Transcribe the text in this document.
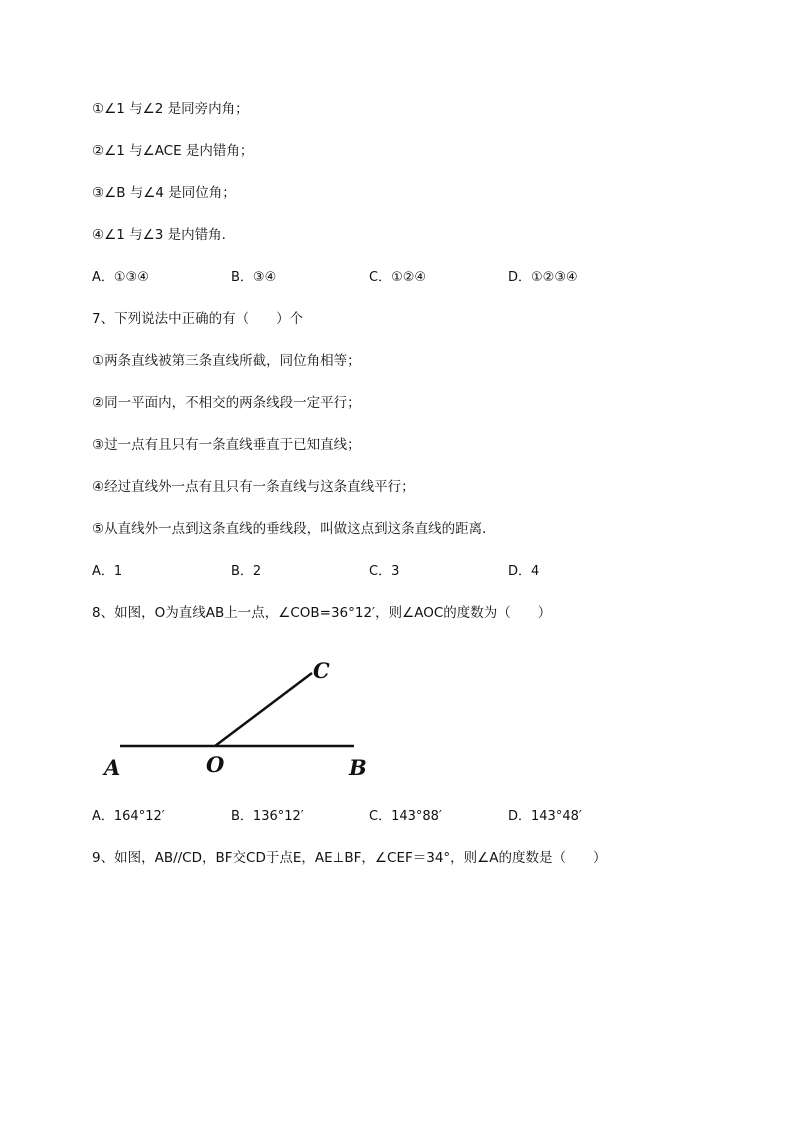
①∠1 与∠2 是同旁内角；
②∠1 与∠ACE 是内错角；
③∠B 与∠4 是同位角；
④∠1 与∠3 是内错角．
A．①③④	B．③④	C．①②④	D．①②③④
7、下列说法中正确的有（　　）个
①两条直线被第三条直线所截，同位角相等；
②同一平面内，不相交的两条线段一定平行；
③过一点有且只有一条直线垂直于已知直线；
④经过直线外一点有且只有一条直线与这条直线平行；
⑤从直线外一点到这条直线的垂线段，叫做这点到这条直线的距离．
A．1	B．2	C．3	D．4
8、如图，O为直线AB上一点，∠COB=36°12′，则∠AOC的度数为（　　）
A	O	B
C
A．164°12′	B．136°12′	C．143°88′	D．143°48′
9、如图，AB//CD，BF交CD于点E，AE⊥BF，∠CEF＝34°，则∠A的度数是（　　）
